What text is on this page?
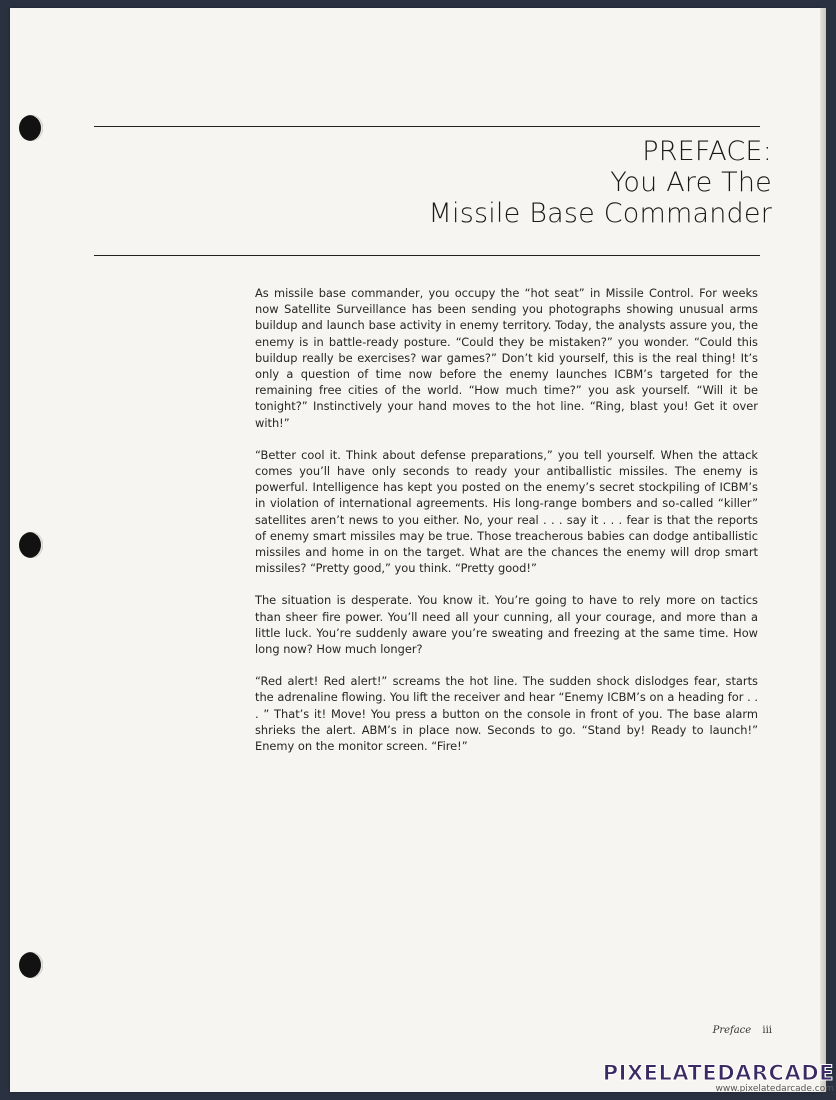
PREFACE:
You Are The
Missile Base Commander

As missile base commander, you occupy the “hot seat” in Missile Control. For weeks now Satellite Surveillance has been sending you photographs showing unusual arms buildup and launch base activity in enemy territory. Today, the analysts assure you, the enemy is in battle-ready posture. “Could they be mistaken?” you wonder. “Could this buildup really be exercises? war games?” Don’t kid yourself, this is the real thing! It’s only a question of time now before the enemy launches ICBM’s targeted for the remaining free cities of the world. “How much time?” you ask yourself. “Will it be tonight?” Instinctively your hand moves to the hot line. “Ring, blast you! Get it over with!”

“Better cool it. Think about defense preparations,” you tell yourself. When the attack comes you’ll have only seconds to ready your antiballistic missiles. The enemy is powerful. Intelligence has kept you posted on the enemy’s secret stockpiling of ICBM’s in violation of international agreements. His long-range bombers and so-called “killer” satellites aren’t news to you either. No, your real . . . say it . . . fear is that the reports of enemy smart missiles may be true. Those treacherous babies can dodge antiballistic missiles and home in on the target. What are the chances the enemy will drop smart missiles? “Pretty good,” you think. “Pretty good!”

The situation is desperate. You know it. You’re going to have to rely more on tactics than sheer fire power. You’ll need all your cunning, all your courage, and more than a little luck. You’re suddenly aware you’re sweating and freezing at the same time. How long now? How much longer?

“Red alert! Red alert!” screams the hot line. The sudden shock dislodges fear, starts the adrenaline flowing. You lift the receiver and hear “Enemy ICBM’s on a heading for . . . ” That’s it! Move! You press a button on the console in front of you. The base alarm shrieks the alert. ABM’s in place now. Seconds to go. “Stand by! Ready to launch!” Enemy on the monitor screen. “Fire!”

Preface iii
PIXELATEDARCADE
www.pixelatedarcade.com
